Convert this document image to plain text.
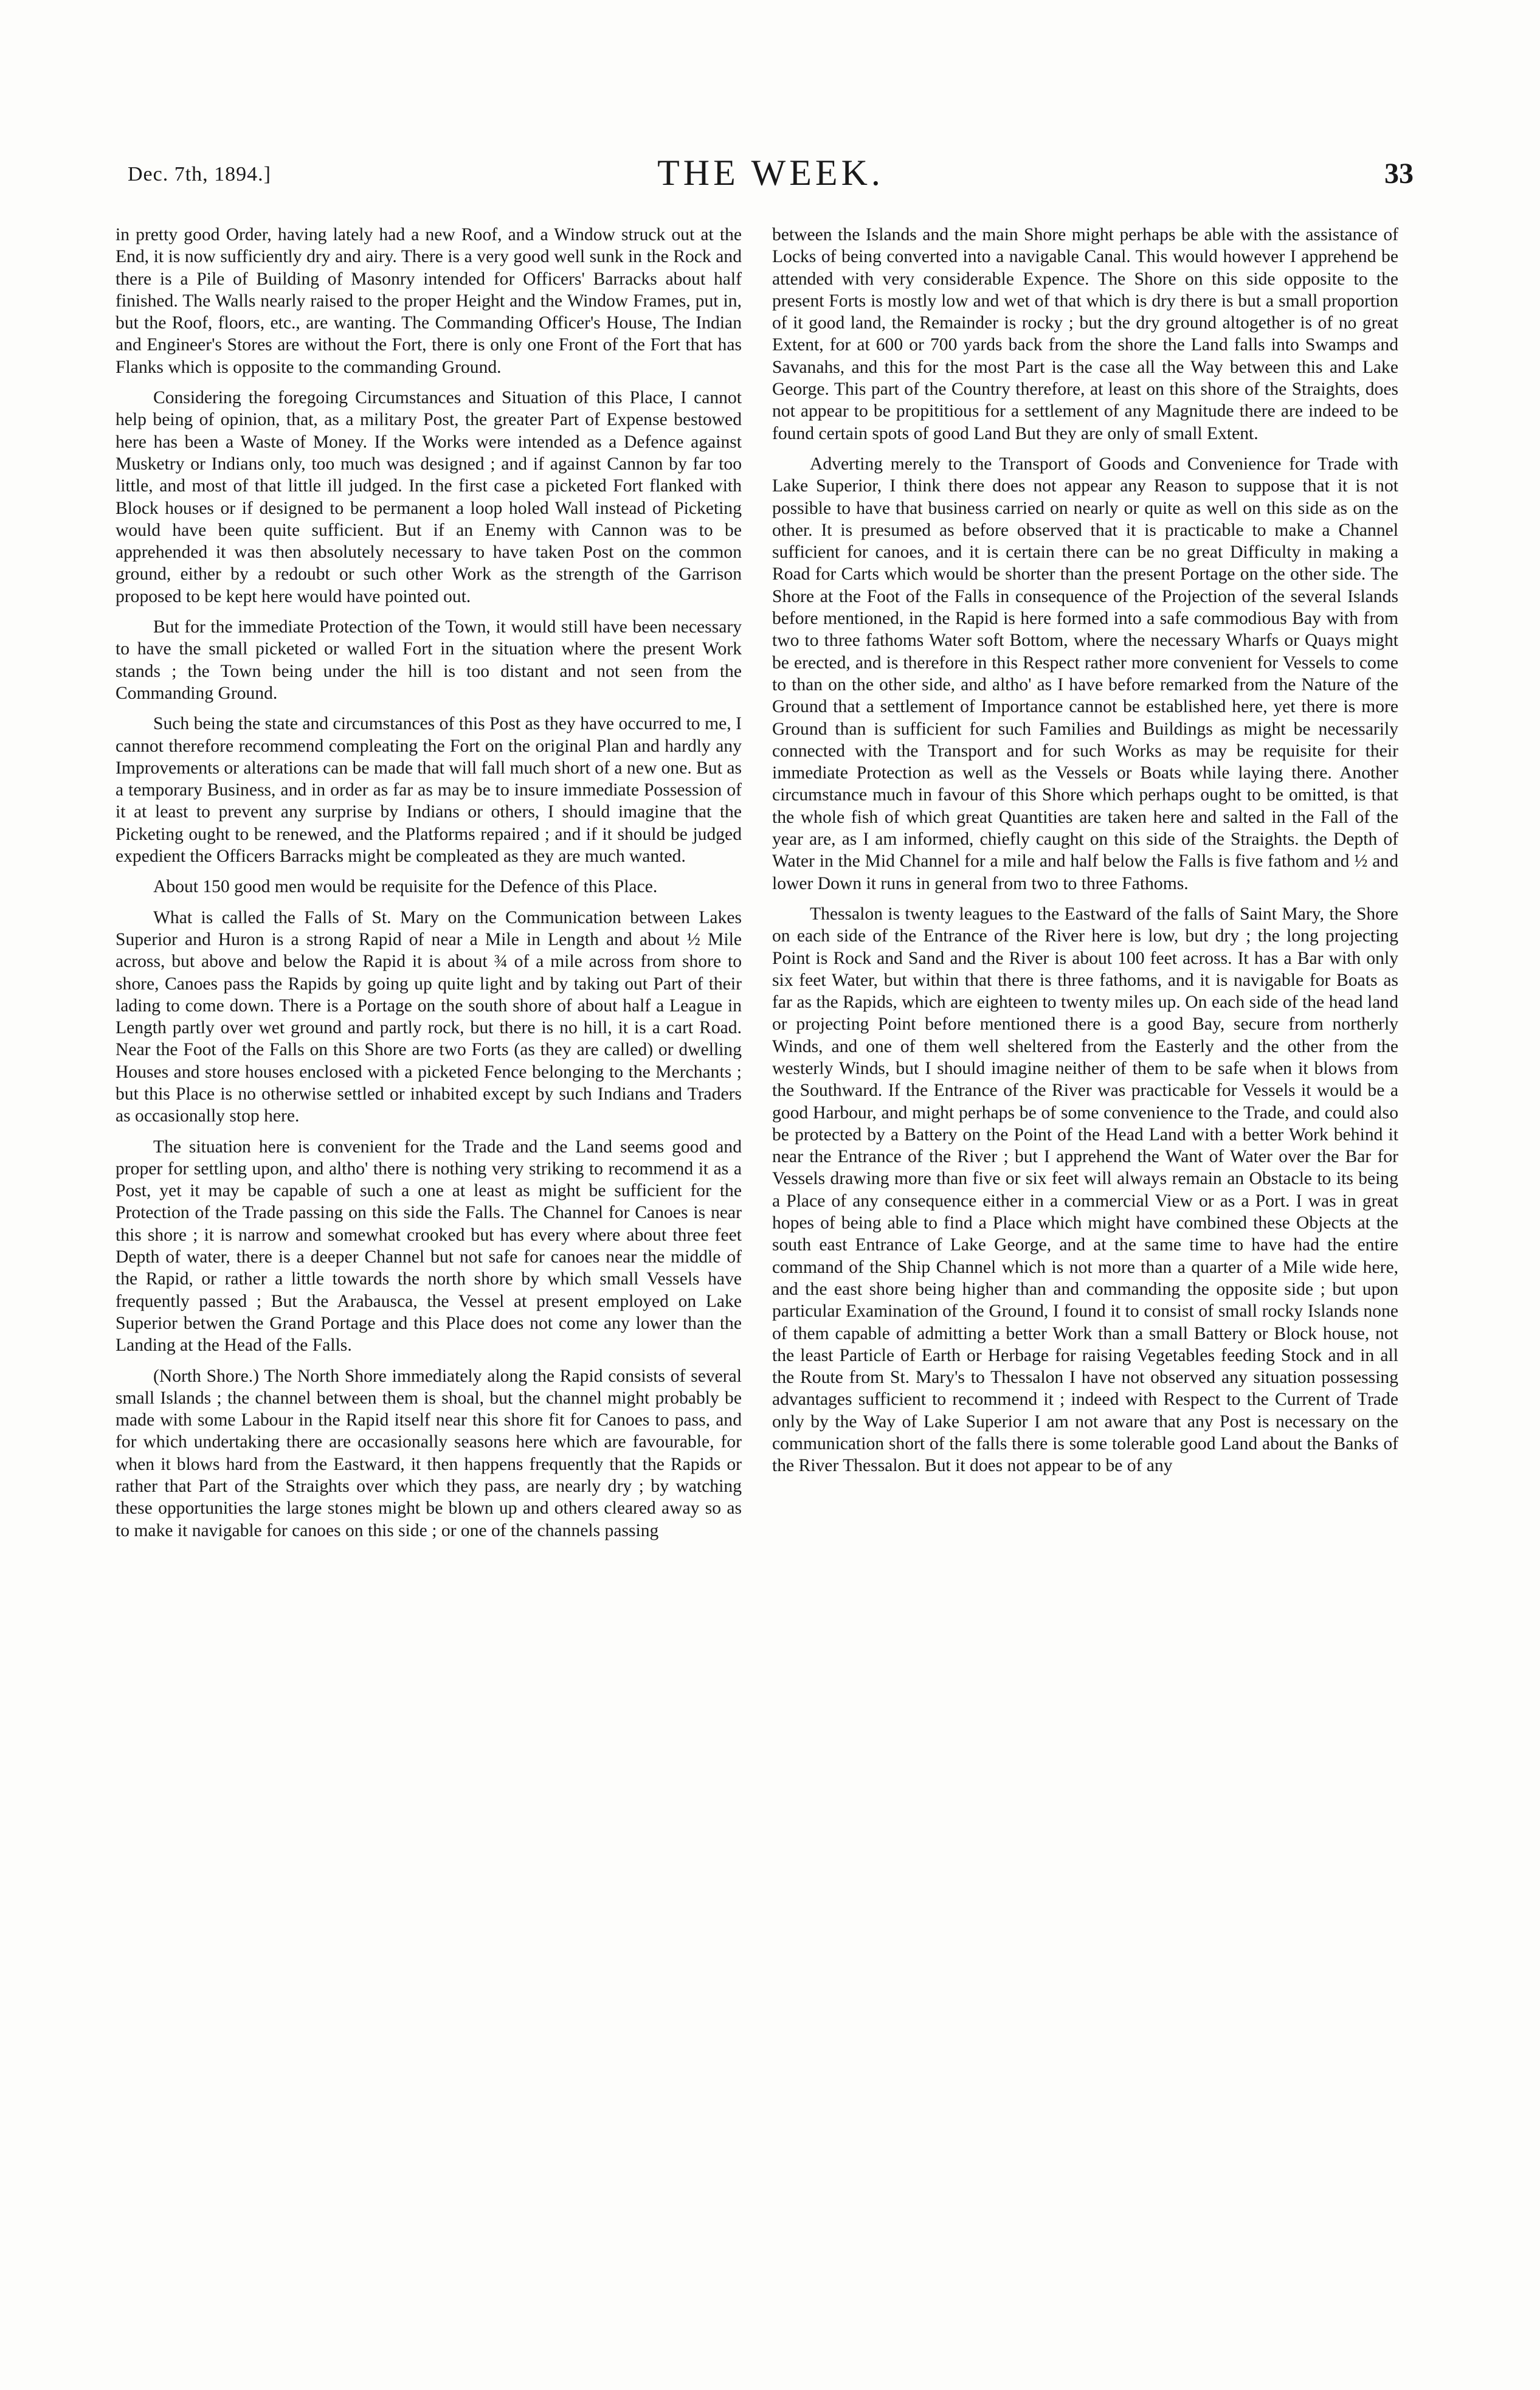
Dec. 7th, 1894.]	THE WEEK.	33

in pretty good Order, having lately had a new Roof, and a Window struck out at the End, it is now sufficiently dry and airy. There is a very good well sunk in the Rock and there is a Pile of Building of Masonry intended for Officers' Barracks about half finished. The Walls nearly raised to the proper Height and the Window Frames, put in, but the Roof, floors, etc., are wanting. The Commanding Officer's House, The Indian and Engineer's Stores are without the Fort, there is only one Front of the Fort that has Flanks which is opposite to the commanding Ground.

Considering the foregoing Circumstances and Situation of this Place, I cannot help being of opinion, that, as a military Post, the greater Part of Expense bestowed here has been a Waste of Money. If the Works were intended as a Defence against Musketry or Indians only, too much was designed ; and if against Cannon by far too little, and most of that little ill judged. In the first case a picketed Fort flanked with Block houses or if designed to be permanent a loop holed Wall instead of Picketing would have been quite sufficient. But if an Enemy with Cannon was to be apprehended it was then absolutely necessary to have taken Post on the common ground, either by a redoubt or such other Work as the strength of the Garrison proposed to be kept here would have pointed out.

But for the immediate Protection of the Town, it would still have been necessary to have the small picketed or walled Fort in the situation where the present Work stands ; the Town being under the hill is too distant and not seen from the Commanding Ground.

Such being the state and circumstances of this Post as they have occurred to me, I cannot therefore recommend compleating the Fort on the original Plan and hardly any Improvements or alterations can be made that will fall much short of a new one. But as a temporary Business, and in order as far as may be to insure immediate Possession of it at least to prevent any surprise by Indians or others, I should imagine that the Picketing ought to be renewed, and the Platforms repaired ; and if it should be judged expedient the Officers Barracks might be compleated as they are much wanted.

About 150 good men would be requisite for the Defence of this Place.

What is called the Falls of St. Mary on the Communication between Lakes Superior and Huron is a strong Rapid of near a Mile in Length and about ½ Mile across, but above and below the Rapid it is about ¾ of a mile across from shore to shore, Canoes pass the Rapids by going up quite light and by taking out Part of their lading to come down. There is a Portage on the south shore of about half a League in Length partly over wet ground and partly rock, but there is no hill, it is a cart Road. Near the Foot of the Falls on this Shore are two Forts (as they are called) or dwelling Houses and store houses enclosed with a picketed Fence belonging to the Merchants ; but this Place is no otherwise settled or inhabited except by such Indians and Traders as occasionally stop here.

The situation here is convenient for the Trade and the Land seems good and proper for settling upon, and altho' there is nothing very striking to recommend it as a Post, yet it may be capable of such a one at least as might be sufficient for the Protection of the Trade passing on this side the Falls. The Channel for Canoes is near this shore ; it is narrow and somewhat crooked but has every where about three feet Depth of water, there is a deeper Channel but not safe for canoes near the middle of the Rapid, or rather a little towards the north shore by which small Vessels have frequently passed ; But the Arabausca, the Vessel at present employed on Lake Superior betwen the Grand Portage and this Place does not come any lower than the Landing at the Head of the Falls.

(North Shore.) The North Shore immediately along the Rapid consists of several small Islands ; the channel between them is shoal, but the channel might probably be made with some Labour in the Rapid itself near this shore fit for Canoes to pass, and for which undertaking there are occasionally seasons here which are favourable, for when it blows hard from the Eastward, it then happens frequently that the Rapids or rather that Part of the Straights over which they pass, are nearly dry ; by watching these opportunities the large stones might be blown up and others cleared away so as to make it navigable for canoes on this side ; or one of the channels passing

between the Islands and the main Shore might perhaps be able with the assistance of Locks of being converted into a navigable Canal. This would however I apprehend be attended with very considerable Expence. The Shore on this side opposite to the present Forts is mostly low and wet of that which is dry there is but a small proportion of it good land, the Remainder is rocky ; but the dry ground altogether is of no great Extent, for at 600 or 700 yards back from the shore the Land falls into Swamps and Savanahs, and this for the most Part is the case all the Way between this and Lake George. This part of the Country therefore, at least on this shore of the Straights, does not appear to be propititious for a settlement of any Magnitude there are indeed to be found certain spots of good Land But they are only of small Extent.

Adverting merely to the Transport of Goods and Convenience for Trade with Lake Superior, I think there does not appear any Reason to suppose that it is not possible to have that business carried on nearly or quite as well on this side as on the other. It is presumed as before observed that it is practicable to make a Channel sufficient for canoes, and it is certain there can be no great Difficulty in making a Road for Carts which would be shorter than the present Portage on the other side. The Shore at the Foot of the Falls in consequence of the Projection of the several Islands before mentioned, in the Rapid is here formed into a safe commodious Bay with from two to three fathoms Water soft Bottom, where the necessary Wharfs or Quays might be erected, and is therefore in this Respect rather more convenient for Vessels to come to than on the other side, and altho' as I have before remarked from the Nature of the Ground that a settlement of Importance cannot be established here, yet there is more Ground than is sufficient for such Families and Buildings as might be necessarily connected with the Transport and for such Works as may be requisite for their immediate Protection as well as the Vessels or Boats while laying there. Another circumstance much in favour of this Shore which perhaps ought to be omitted, is that the whole fish of which great Quantities are taken here and salted in the Fall of the year are, as I am informed, chiefly caught on this side of the Straights. the Depth of Water in the Mid Channel for a mile and half below the Falls is five fathom and ½ and lower Down it runs in general from two to three Fathoms.

Thessalon is twenty leagues to the Eastward of the falls of Saint Mary, the Shore on each side of the Entrance of the River here is low, but dry ; the long projecting Point is Rock and Sand and the River is about 100 feet across. It has a Bar with only six feet Water, but within that there is three fathoms, and it is navigable for Boats as far as the Rapids, which are eighteen to twenty miles up. On each side of the head land or projecting Point before mentioned there is a good Bay, secure from northerly Winds, and one of them well sheltered from the Easterly and the other from the westerly Winds, but I should imagine neither of them to be safe when it blows from the Southward. If the Entrance of the River was practicable for Vessels it would be a good Harbour, and might perhaps be of some convenience to the Trade, and could also be protected by a Battery on the Point of the Head Land with a better Work behind it near the Entrance of the River ; but I apprehend the Want of Water over the Bar for Vessels drawing more than five or six feet will always remain an Obstacle to its being a Place of any consequence either in a commercial View or as a Port. I was in great hopes of being able to find a Place which might have combined these Objects at the south east Entrance of Lake George, and at the same time to have had the entire command of the Ship Channel which is not more than a quarter of a Mile wide here, and the east shore being higher than and commanding the opposite side ; but upon particular Examination of the Ground, I found it to consist of small rocky Islands none of them capable of admitting a better Work than a small Battery or Block house, not the least Particle of Earth or Herbage for raising Vegetables feeding Stock and in all the Route from St. Mary's to Thessalon I have not observed any situation possessing advantages sufficient to recommend it ; indeed with Respect to the Current of Trade only by the Way of Lake Superior I am not aware that any Post is necessary on the communication short of the falls there is some tolerable good Land about the Banks of the River Thessalon. But it does not appear to be of any
